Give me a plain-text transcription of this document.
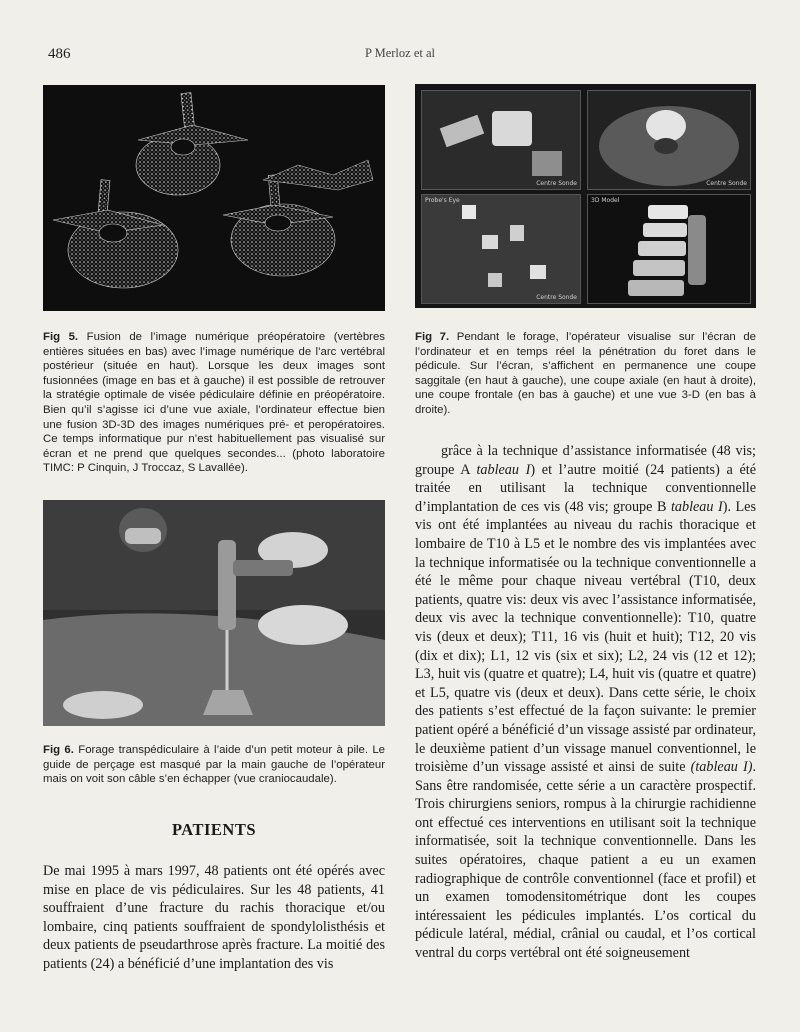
486	P Merloz et al
Centre Sonde	Centre Sonde
Probe's Eye
Centre Sonde
3D Model
Fig 5. Fusion de l’image numérique préopératoire (vertèbres entières situées en bas) avec l’image numérique de l’arc vertébral postérieur (située en haut). Lorsque les deux images sont fusionnées (image en bas et à gauche) il est possible de retrouver la stratégie optimale de visée pédiculaire définie en préopératoire. Bien qu’il s’agisse ici d’une vue axiale, l’ordinateur effectue bien une fusion 3D-3D des images numériques pré- et peropératoires. Ce temps informatique pur n’est habituellement pas visualisé sur écran et ne prend que quelques secondes... (photo laboratoire TIMC: P Cinquin, J Troccaz, S Lavallée).
Fig 7. Pendant le forage, l’opérateur visualise sur l’écran de l’ordinateur et en temps réel la pénétration du foret dans le pédicule. Sur l’écran, s’affichent en permanence une coupe saggitale (en haut à gauche), une coupe axiale (en haut à droite), une coupe frontale (en bas à gauche) et une vue 3-D (en bas à droite).
Fig 6. Forage transpédiculaire à l’aide d’un petit moteur à pile. Le guide de perçage est masqué par la main gauche de l’opérateur mais on voit son câble s’en échapper (vue craniocaudale).
PATIENTS
De mai 1995 à mars 1997, 48 patients ont été opérés avec mise en place de vis pédiculaires. Sur les 48 patients, 41 souffraient d’une fracture du rachis thoracique et/ou lombaire, cinq patients souffraient de spondylolisthésis et deux patients de pseudarthrose après fracture. La moitié des patients (24) a bénéficié d’une implantation des vis
grâce à la technique d’assistance informatisée (48 vis; groupe A tableau I) et l’autre moitié (24 patients) a été traitée en utilisant la technique conventionnelle d’implantation de ces vis (48 vis; groupe B tableau I). Les vis ont été implantées au niveau du rachis thoracique et lombaire de T10 à L5 et le nombre des vis implantées avec la technique informatisée ou la technique conventionnelle a été le même pour chaque niveau vertébral (T10, deux patients, quatre vis: deux vis avec l’assistance informatisée, deux vis avec la technique conventionnelle): T10, quatre vis (deux et deux); T11, 16 vis (huit et huit); T12, 20 vis (dix et dix); L1, 12 vis (six et six); L2, 24 vis (12 et 12); L3, huit vis (quatre et quatre); L4, huit vis (quatre et quatre) et L5, quatre vis (deux et deux). Dans cette série, le choix des patients s’est effectué de la façon suivante: le premier patient opéré a bénéficié d’un vissage assisté par ordinateur, le deuxième patient d’un vissage manuel conventionnel, le troisième d’un vissage assisté et ainsi de suite (tableau I). Sans être randomisée, cette série a un caractère prospectif. Trois chirurgiens seniors, rompus à la chirurgie rachidienne ont effectué ces interventions en utilisant soit la technique informatisée, soit la technique conventionnelle. Dans les suites opératoires, chaque patient a eu un examen radiographique de contrôle conventionnel (face et profil) et un examen tomodensitométrique dont les coupes intéressaient les pédicules implantés. L’os cortical du pédicule latéral, médial, crânial ou caudal, et l’os cortical ventral du corps vertébral ont été soigneusement
